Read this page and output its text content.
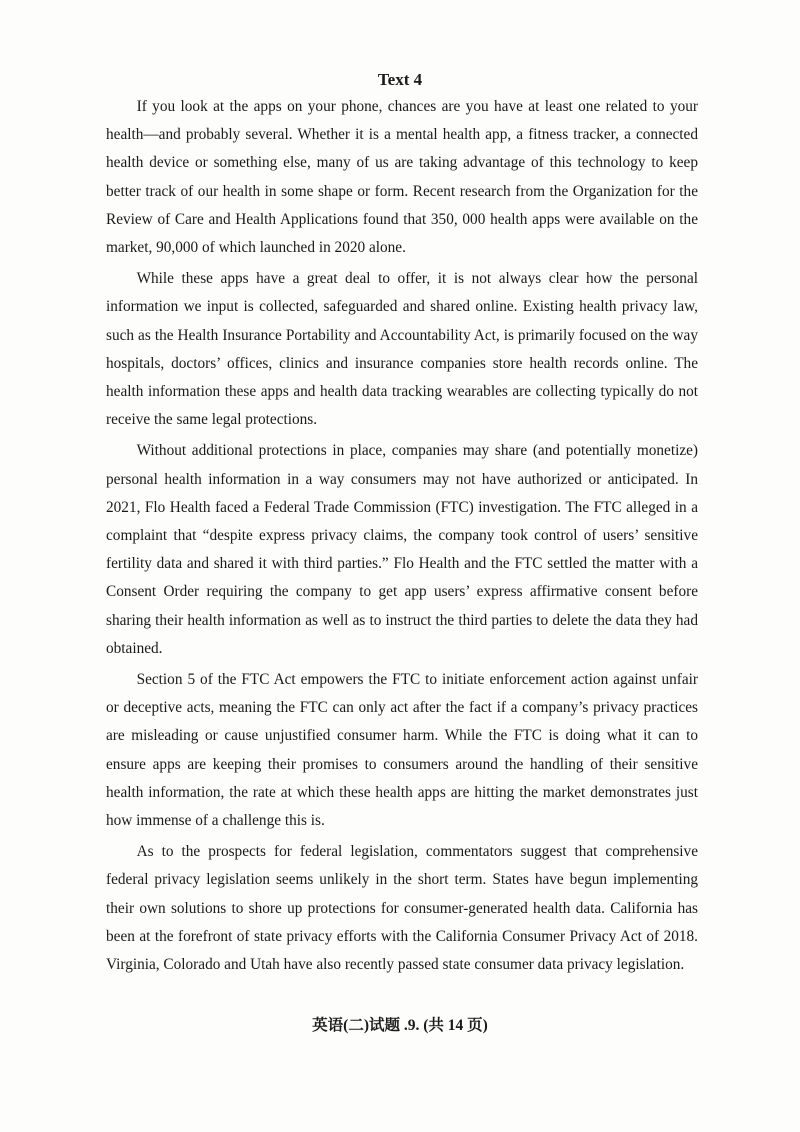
Text 4

If you look at the apps on your phone, chances are you have at least one related to your health—and probably several. Whether it is a mental health app, a fitness tracker, a connected health device or something else, many of us are taking advantage of this technology to keep better track of our health in some shape or form. Recent research from the Organization for the Review of Care and Health Applications found that 350, 000 health apps were available on the market, 90,000 of which launched in 2020 alone.

While these apps have a great deal to offer, it is not always clear how the personal information we input is collected, safeguarded and shared online. Existing health privacy law, such as the Health Insurance Portability and Accountability Act, is primarily focused on the way hospitals, doctors’ offices, clinics and insurance companies store health records online. The health information these apps and health data tracking wearables are collecting typically do not receive the same legal protections.

Without additional protections in place, companies may share (and potentially monetize) personal health information in a way consumers may not have authorized or anticipated. In 2021, Flo Health faced a Federal Trade Commission (FTC) investigation. The FTC alleged in a complaint that “despite express privacy claims, the company took control of users’ sensitive fertility data and shared it with third parties.” Flo Health and the FTC settled the matter with a Consent Order requiring the company to get app users’ express affirmative consent before sharing their health information as well as to instruct the third parties to delete the data they had obtained.

Section 5 of the FTC Act empowers the FTC to initiate enforcement action against unfair or deceptive acts, meaning the FTC can only act after the fact if a company’s privacy practices are misleading or cause unjustified consumer harm. While the FTC is doing what it can to ensure apps are keeping their promises to consumers around the handling of their sensitive health information, the rate at which these health apps are hitting the market demonstrates just how immense of a challenge this is.

As to the prospects for federal legislation, commentators suggest that comprehensive federal privacy legislation seems unlikely in the short term. States have begun implementing their own solutions to shore up protections for consumer-generated health data. California has been at the forefront of state privacy efforts with the California Consumer Privacy Act of 2018. Virginia, Colorado and Utah have also recently passed state consumer data privacy legislation.

英语(二)试题 .9. (共 14 页)
